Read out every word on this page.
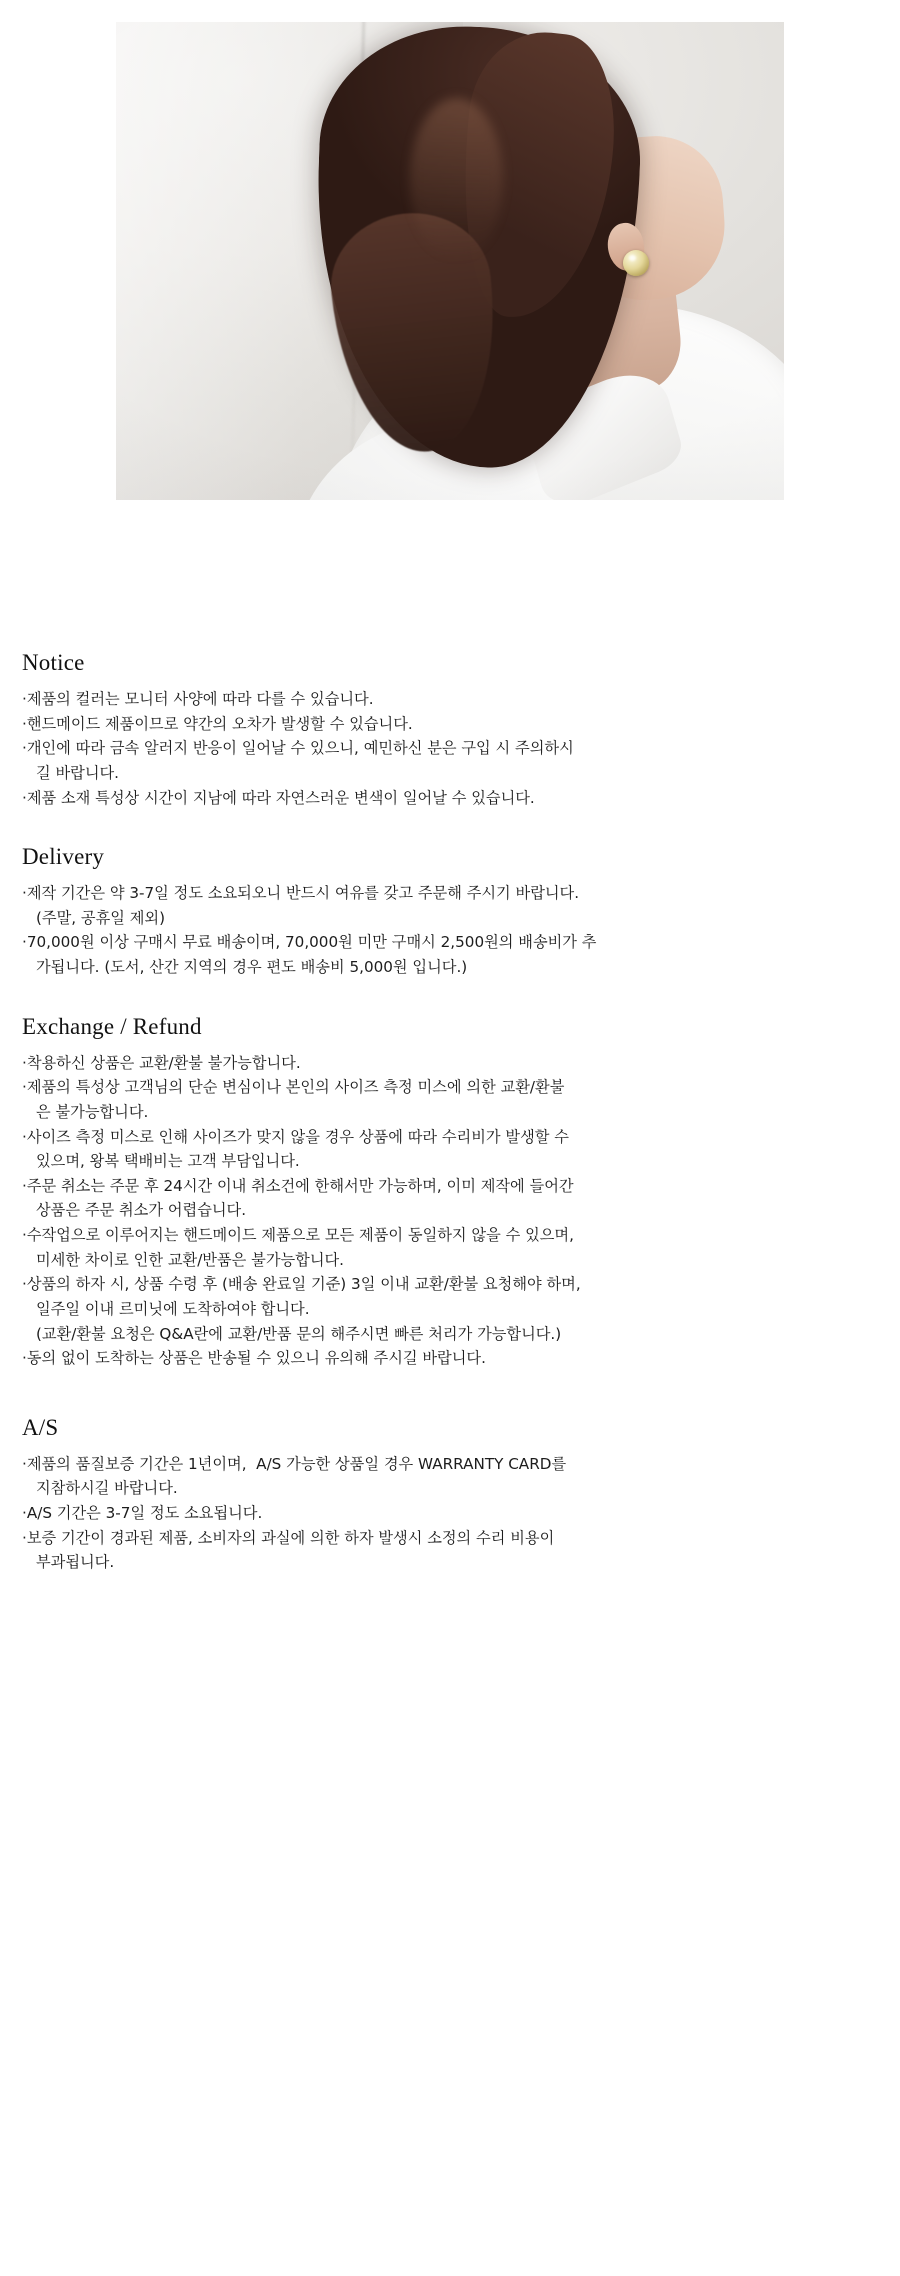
Notice
·제품의 컬러는 모니터 사양에 따라 다를 수 있습니다.
·핸드메이드 제품이므로 약간의 오차가 발생할 수 있습니다.
·개인에 따라 금속 알러지 반응이 일어날 수 있으니, 예민하신 분은 구입 시 주의하시
길 바랍니다.
·제품 소재 특성상 시간이 지남에 따라 자연스러운 변색이 일어날 수 있습니다.
Delivery
·제작 기간은 약 3-7일 정도 소요되오니 반드시 여유를 갖고 주문해 주시기 바랍니다.
(주말, 공휴일 제외)
·70,000원 이상 구매시 무료 배송이며, 70,000원 미만 구매시 2,500원의 배송비가 추
가됩니다. (도서, 산간 지역의 경우 편도 배송비 5,000원 입니다.)
Exchange / Refund
·착용하신 상품은 교환/환불 불가능합니다.
·제품의 특성상 고객님의 단순 변심이나 본인의 사이즈 측정 미스에 의한 교환/환불
은 불가능합니다.
·사이즈 측정 미스로 인해 사이즈가 맞지 않을 경우 상품에 따라 수리비가 발생할 수
있으며, 왕복 택배비는 고객 부담입니다.
·주문 취소는 주문 후 24시간 이내 취소건에 한해서만 가능하며, 이미 제작에 들어간
상품은 주문 취소가 어렵습니다.
·수작업으로 이루어지는 핸드메이드 제품으로 모든 제품이 동일하지 않을 수 있으며,
미세한 차이로 인한 교환/반품은 불가능합니다.
·상품의 하자 시, 상품 수령 후 (배송 완료일 기준) 3일 이내 교환/환불 요청해야 하며,
일주일 이내 르미닛에 도착하여야 합니다.
(교환/환불 요청은 Q&A란에 교환/반품 문의 해주시면 빠른 처리가 가능합니다.)
·동의 없이 도착하는 상품은 반송될 수 있으니 유의해 주시길 바랍니다.
A/S
·제품의 품질보증 기간은 1년이며,  A/S 가능한 상품일 경우 WARRANTY CARD를
지참하시길 바랍니다.
·A/S 기간은 3-7일 정도 소요됩니다.
·보증 기간이 경과된 제품, 소비자의 과실에 의한 하자 발생시 소정의 수리 비용이
부과됩니다.
